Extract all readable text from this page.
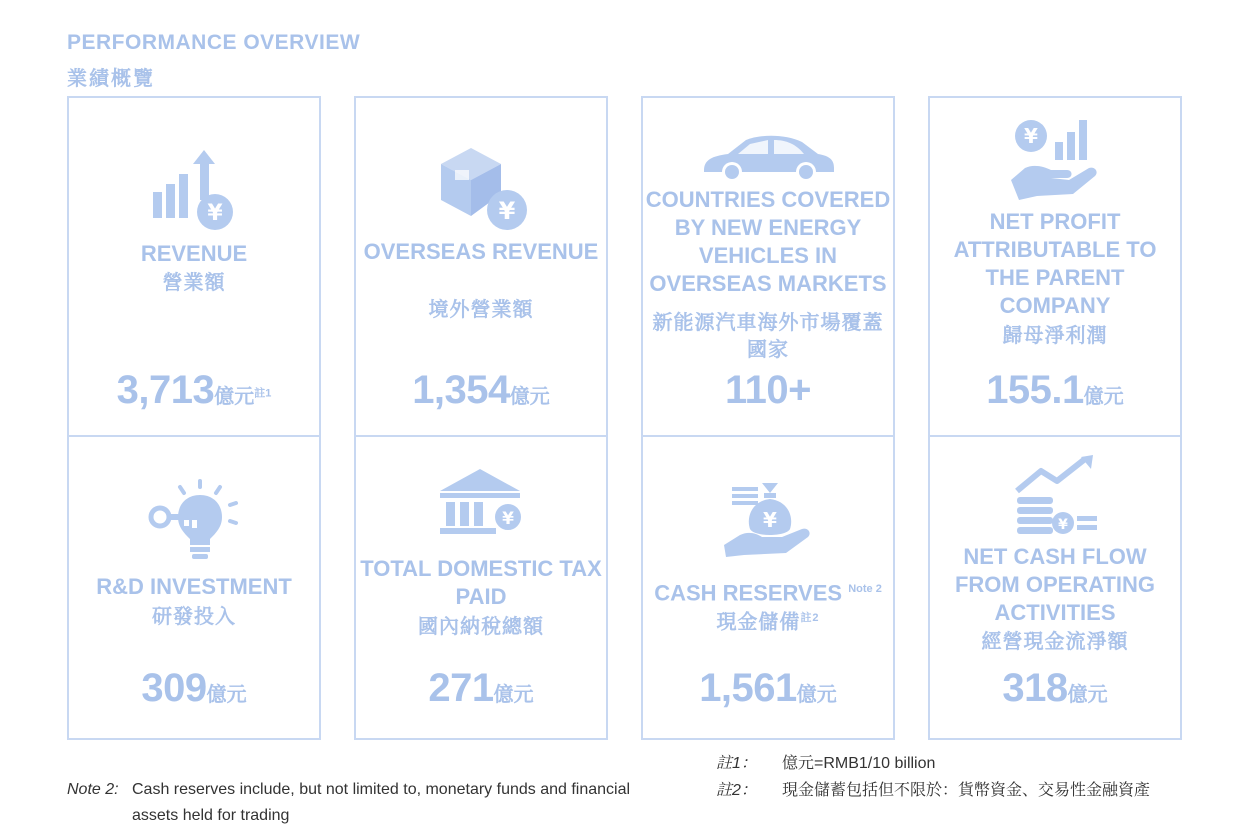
PERFORMANCE OVERVIEW
業績概覽
¥
REVENUE
營業額
3,713億元$^{註1}$
¥
OVERSEAS REVENUE
境外營業額
1,354億元
COUNTRIES COVERED BY NEW ENERGY VEHICLES IN OVERSEAS MARKETS
新能源汽車海外市場覆蓋國家
110+
¥
NET PROFIT ATTRIBUTABLE TO THE PARENT COMPANY
歸母淨利潤
155.1億元
R&D INVESTMENT
研發投入
309億元
¥
TOTAL DOMESTIC TAX PAID
國內納稅總額
271億元
¥
CASH RESERVES $^{Note 2}$
現金儲備$^{註2}$
1,561億元
¥
NET CASH FLOW FROM OPERATING ACTIVITIES
經營現金流淨額
318億元
Note 2: Cash reserves include, but not limited to, monetary funds and financial
assets held for trading
註1： 億元=RMB1/10 billion
註2： 現金儲蓄包括但不限於：貨幣資金、交易性金融資產
